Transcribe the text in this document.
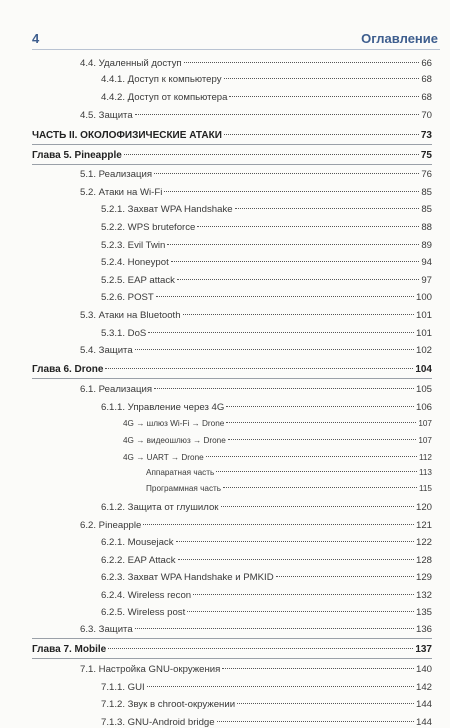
4	Оглавление
4.4. Удаленный доступ	66
4.4.1. Доступ к компьютеру	68
4.4.2. Доступ от компьютера	68
4.5. Защита	70
ЧАСТЬ II. ОКОЛОФИЗИЧЕСКИЕ АТАКИ	73
Глава 5. Pineapple	75
5.1. Реализация	76
5.2. Атаки на Wi-Fi	85
5.2.1. Захват WPA Handshake	85
5.2.2. WPS bruteforce	88
5.2.3. Evil Twin	89
5.2.4. Honeypot	94
5.2.5. EAP attack	97
5.2.6. POST	100
5.3. Атаки на Bluetooth	101
5.3.1. DoS	101
5.4. Защита	102
Глава 6. Drone	104
6.1. Реализация	105
6.1.1. Управление через 4G	106
4G → шлюз Wi-Fi → Drone	107
4G → видеошлюз → Drone	107
4G → UART → Drone	112
Аппаратная часть	113
Программная часть	115
6.1.2. Защита от глушилок	120
6.2. Pineapple	121
6.2.1. Mousejack	122
6.2.2. EAP Attack	128
6.2.3. Захват WPA Handshake и PMKID	129
6.2.4. Wireless recon	132
6.2.5. Wireless post	135
6.3. Защита	136
Глава 7. Mobile	137
7.1. Настройка GNU-окружения	140
7.1.1. GUI	142
7.1.2. Звук в chroot-окружении	144
7.1.3. GNU-Android bridge	144
